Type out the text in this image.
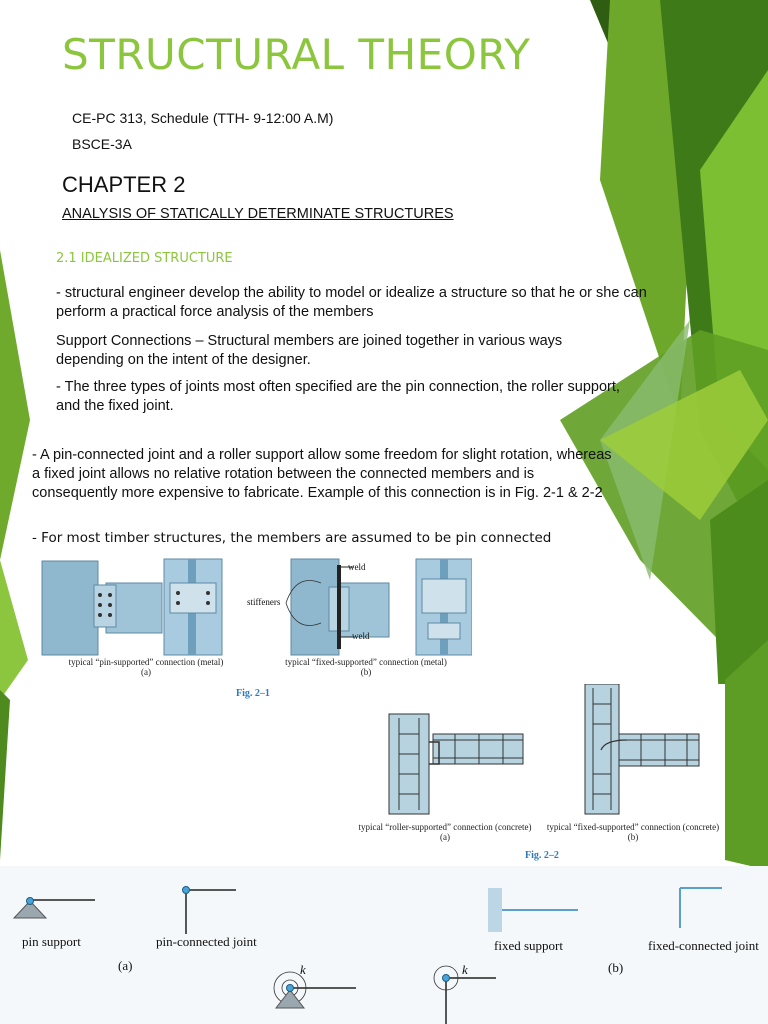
STRUCTURAL THEORY
CE-PC 313, Schedule (TTH- 9-12:00 A.M)
BSCE-3A
CHAPTER 2
ANALYSIS OF STATICALLY DETERMINATE STRUCTURES
2.1 IDEALIZED STRUCTURE
- structural engineer develop the ability to model or idealize a structure so that he or she can perform a practical force analysis of the members
Support Connections – Structural members are joined together in various ways depending on the intent of the designer.
- The three types of joints most often specified are the pin connection, the roller support, and the fixed joint.
- A pin-connected joint and a roller support allow some freedom for slight rotation, whereas a fixed joint allows no relative rotation between the connected members and is consequently more expensive to fabricate. Example of this connection is in Fig. 2-1 & 2-2
- For most timber structures, the members are assumed to be pin connected
weld
weld
stiffeners
typical “pin-supported” connection (metal)
(a)
typical “fixed-supported” connection (metal)
(b)
Fig. 2–1
typical “roller-supported” connection (concrete)
(a)
typical “fixed-supported” connection (concrete)
(b)
Fig. 2–2
pin support	pin-connected joint	fixed support	fixed-connected joint
(a)	(b)
k	k
